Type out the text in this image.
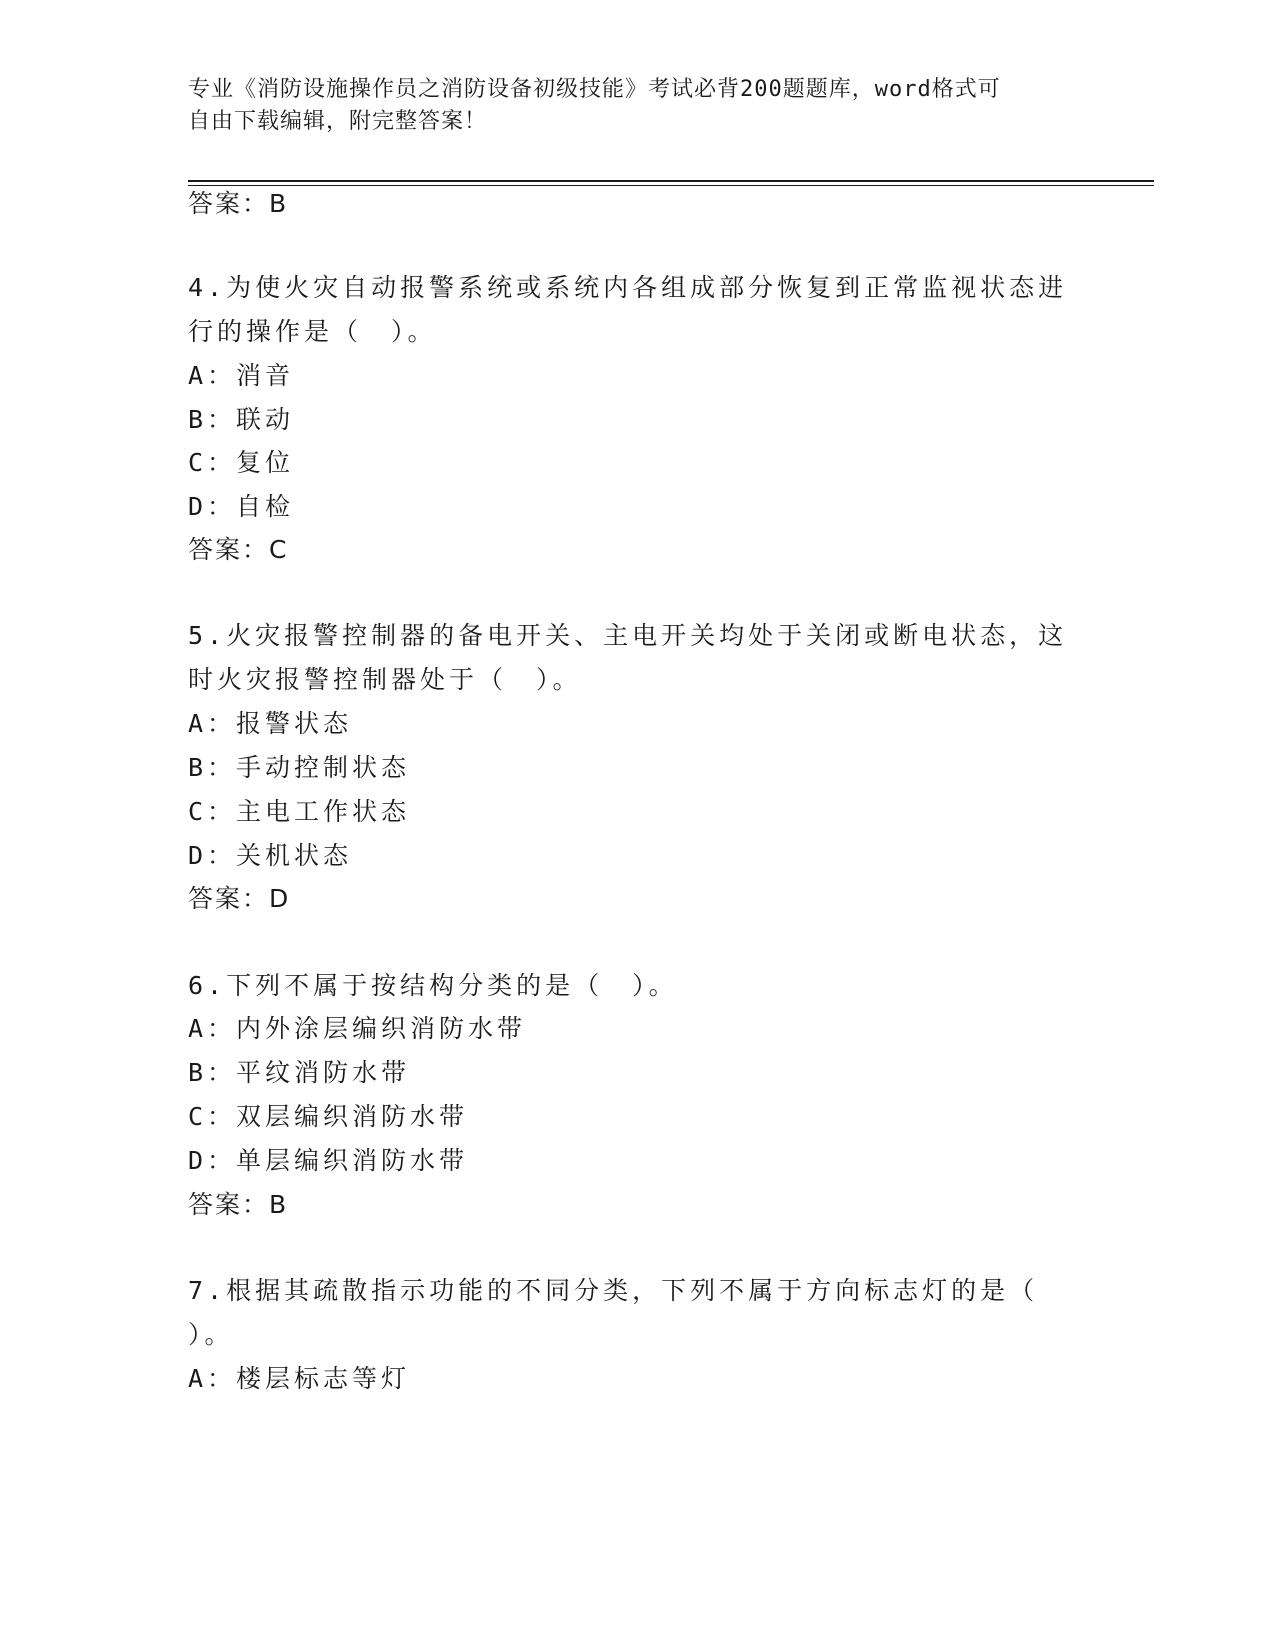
专业《消防设施操作员之消防设备初级技能》考试必背200题题库，word格式可
自由下载编辑，附完整答案！
答案：B
4.为使火灾自动报警系统或系统内各组成部分恢复到正常监视状态进
行的操作是（　）。
A：消音
B：联动
C：复位
D：自检
答案：C
5.火灾报警控制器的备电开关、主电开关均处于关闭或断电状态，这
时火灾报警控制器处于（　）。
A：报警状态
B：手动控制状态
C：主电工作状态
D：关机状态
答案：D
6.下列不属于按结构分类的是（　）。
A：内外涂层编织消防水带
B：平纹消防水带
C：双层编织消防水带
D：单层编织消防水带
答案：B
7.根据其疏散指示功能的不同分类，下列不属于方向标志灯的是（
）。
A：楼层标志等灯
